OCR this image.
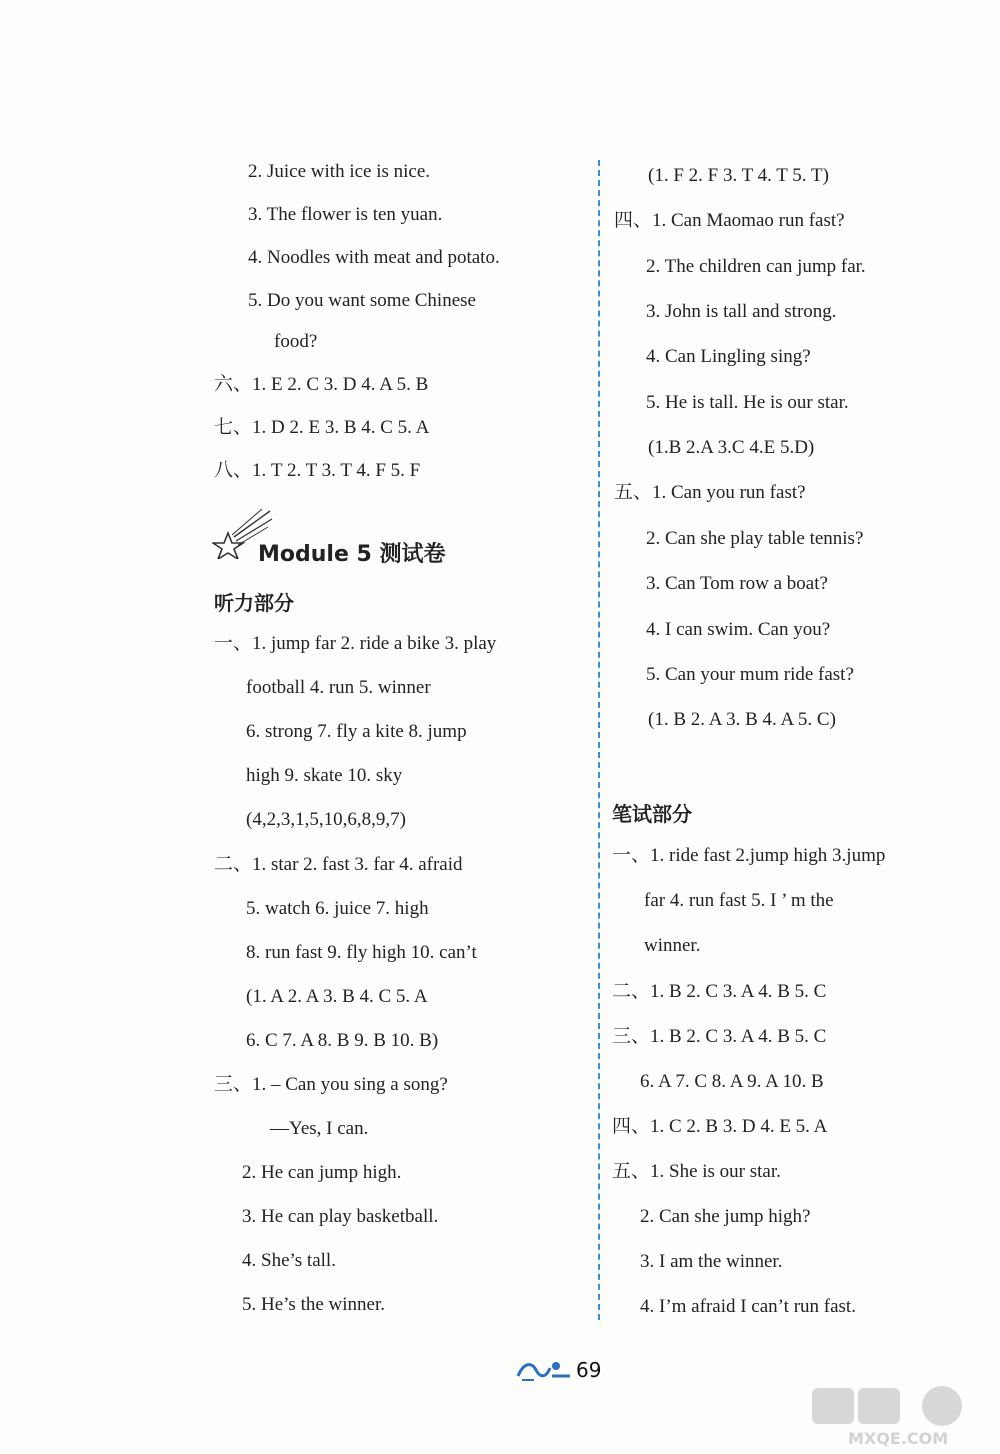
2. Juice with ice is nice.
3. The flower is ten yuan.
4. Noodles with meat and potato.
5. Do you want some Chinese
food?
六、1. E 2. C 3. D 4. A 5. B
七、1. D 2. E 3. B 4. C 5. A
八、1. T 2. T 3. T 4. F 5. F
Module 5 测试卷
听力部分
一、1. jump far 2. ride a bike 3. play
football 4. run 5. winner
6. strong 7. fly a kite 8. jump
high 9. skate 10. sky
(4,2,3,1,5,10,6,8,9,7)
二、1. star 2. fast 3. far 4. afraid
5. watch 6. juice 7. high
8. run fast 9. fly high 10. can’t
(1. A 2. A 3. B 4. C 5. A
6. C 7. A 8. B 9. B 10. B)
三、1. – Can you sing a song?
—Yes, I can.
2. He can jump high.
3. He can play basketball.
4. She’s tall.
5. He’s the winner.
(1. F 2. F 3. T 4. T 5. T)
四、1. Can Maomao run fast?
2. The children can jump far.
3. John is tall and strong.
4. Can Lingling sing?
5. He is tall. He is our star.
(1.B 2.A 3.C 4.E 5.D)
五、1. Can you run fast?
2. Can she play table tennis?
3. Can Tom row a boat?
4. I can swim. Can you?
5. Can your mum ride fast?
(1. B 2. A 3. B 4. A 5. C)
笔试部分
一、1. ride fast 2.jump high 3.jump
far 4. run fast 5. I ’ m the
winner.
二、1. B 2. C 3. A 4. B 5. C
三、1. B 2. C 3. A 4. B 5. C
6. A 7. C 8. A 9. A 10. B
四、1. C 2. B 3. D 4. E 5. A
五、1. She is our star.
2. Can she jump high?
3. I am the winner.
4. I’m afraid I can’t run fast.
69
MXQE.COM
